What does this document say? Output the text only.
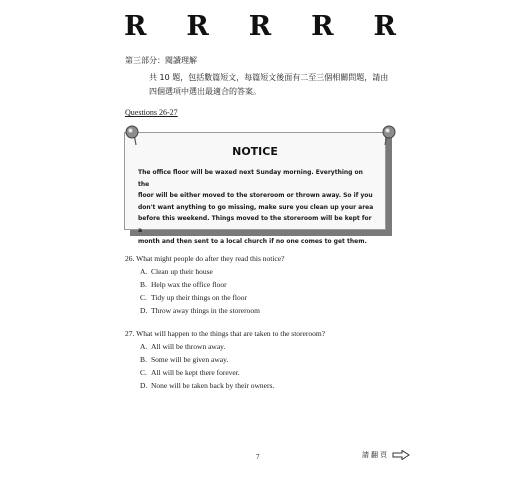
R R R R R
第三部分：閱讀理解
共 10 題，包括數篇短文，每篇短文後面有二至三個相關問題，請由
四個選項中選出最適合的答案。
Questions 26-27
NOTICE
The office floor will be waxed next Sunday morning. Everything on the
floor will be either moved to the storeroom or thrown away. So if you
don't want anything to go missing, make sure you clean up your area
before this weekend. Things moved to the storeroom will be kept for a
month and then sent to a local church if no one comes to get them.
26. What might people do after they read this notice?
A. Clean up their house
B. Help wax the office floor
C. Tidy up their things on the floor
D. Throw away things in the storeroom
27. What will happen to the things that are taken to the storeroom?
A. All will be thrown away.
B. Some will be given away.
C. All will be kept there forever.
D. None will be taken back by their owners.
7	請翻頁
